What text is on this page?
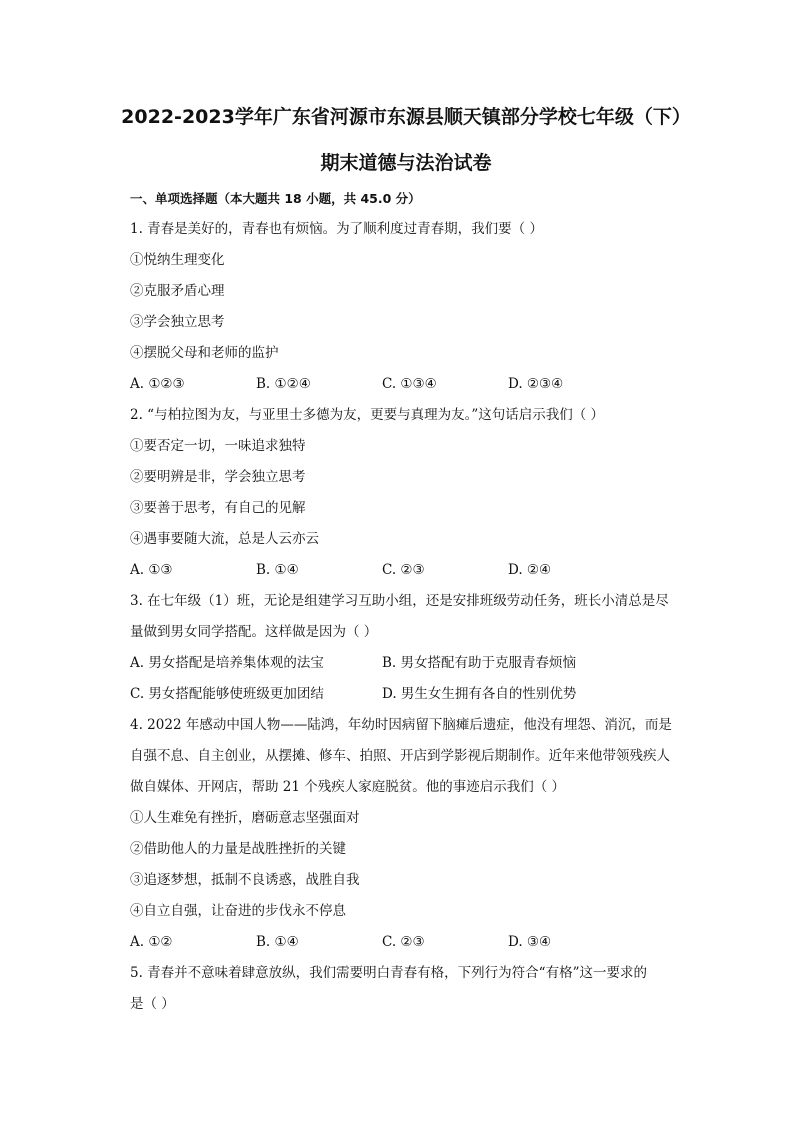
2022-2023学年广东省河源市东源县顺天镇部分学校七年级（下）
期末道德与法治试卷
一、单项选择题（本大题共 18 小题，共 45.0 分）
1. 青春是美好的，青春也有烦恼。为了顺利度过青春期，我们要（ ）
①悦纳生理变化
②克服矛盾心理
③学会独立思考
④摆脱父母和老师的监护
A. ①②③	B. ①②④	C. ①③④	D. ②③④
2. “与柏拉图为友，与亚里士多德为友，更要与真理为友。”这句话启示我们（ ）
①要否定一切，一味追求独特
②要明辨是非，学会独立思考
③要善于思考，有自己的见解
④遇事要随大流，总是人云亦云
A. ①③	B. ①④	C. ②③	D. ②④
3. 在七年级（1）班，无论是组建学习互助小组，还是安排班级劳动任务，班长小清总是尽
量做到男女同学搭配。这样做是因为（ ）
A. 男女搭配是培养集体观的法宝	B. 男女搭配有助于克服青春烦恼
C. 男女搭配能够使班级更加团结	D. 男生女生拥有各自的性别优势
4. 2022 年感动中国人物——陆鸿，年幼时因病留下脑瘫后遗症，他没有埋怨、消沉，而是
自强不息、自主创业，从摆摊、修车、拍照、开店到学影视后期制作。近年来他带领残疾人
做自媒体、开网店，帮助 21 个残疾人家庭脱贫。他的事迹启示我们（ ）
①人生难免有挫折，磨砺意志坚强面对
②借助他人的力量是战胜挫折的关键
③追逐梦想，抵制不良诱惑，战胜自我
④自立自强，让奋进的步伐永不停息
A. ①②	B. ①④	C. ②③	D. ③④
5. 青春并不意味着肆意放纵，我们需要明白青春有格，下列行为符合“有格”这一要求的
是（ ）
